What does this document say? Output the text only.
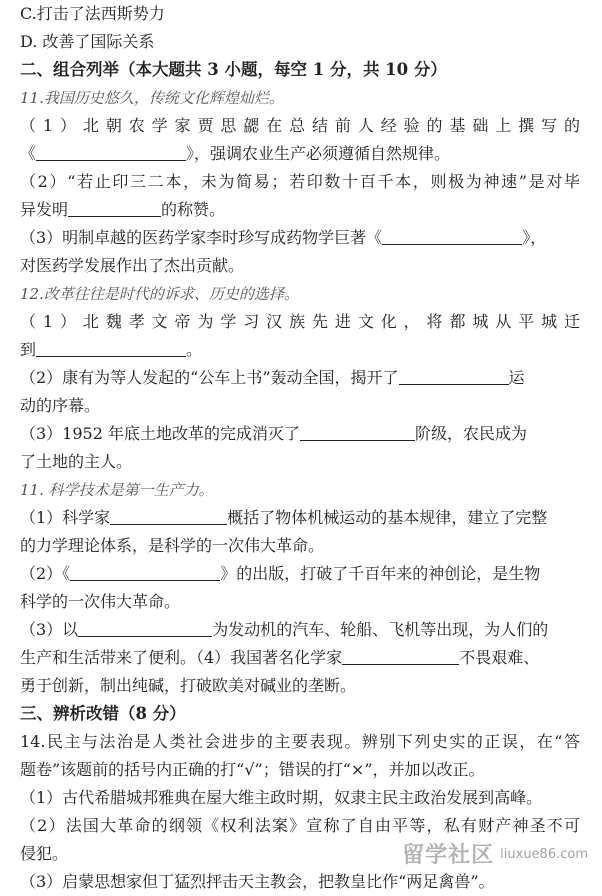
C.打击了法西斯势力
D. 改善了国际关系
二、组合列举（本大题共 3 小题，每空 1 分，共 10 分）
11.我国历史悠久，传统文化辉煌灿烂。
（1）北朝农学家贾思勰在总结前人经验的基础上撰写的
《	》，强调农业生产必须遵循自然规律。
（2）“若止印三二本，未为简易；若印数十百千本，则极为神速”是对毕
异发明	的称赞。
（3）明制卓越的医药学家李时珍写成药物学巨著《	》，
对医药学发展作出了杰出贡献。
12.改革往往是时代的诉求、历史的选择。
（1）北魏孝文帝为学习汉族先进文化，将都城从平城迁
到	。
（2）康有为等人发起的“公车上书”轰动全国，揭开了	运
动的序幕。
（3）1952 年底土地改革的完成消灭了	阶级，农民成为
了土地的主人。
11. 科学技术是第一生产力。
（1）科学家	概括了物体机械运动的基本规律，建立了完整
的力学理论体系，是科学的一次伟大革命。
（2）《	》的出版，打破了千百年来的神创论，是生物
科学的一次伟大革命。
（3）以	为发动机的汽车、轮船、飞机等出现，为人们的
生产和生活带来了便利。（4）我国著名化学家	不畏艰难、
勇于创新，制出纯碱，打破欧美对碱业的垄断。
三、辨析改错（8 分）
14.民主与法治是人类社会进步的主要表现。辨别下列史实的正误，在“答
题卷”该题前的括号内正确的打“√”；错误的打“×”，并加以改正。
（1）古代希腊城邦雅典在屋大维主政时期，奴隶主民主政治发展到高峰。
（2）法国大革命的纲领《权利法案》宣称了自由平等，私有财产神圣不可
侵犯。
（3）启蒙思想家但丁猛烈抨击天主教会，把教皇比作“两足禽兽”。
留学社区 liuxue86.com
